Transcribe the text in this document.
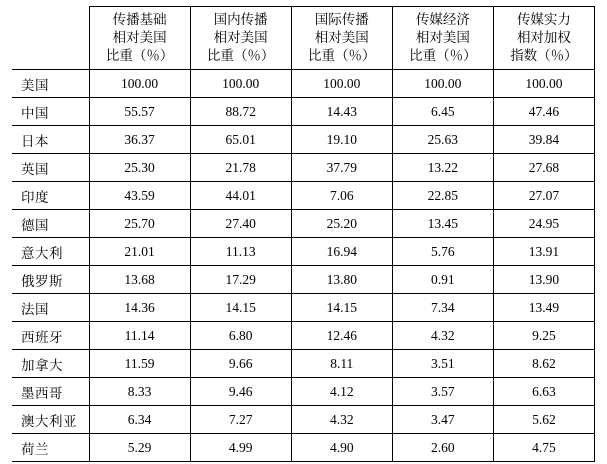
	传播基础
相对美国
比重（％）	国内传播
相对美国
比重（％）	国际传播
相对美国
比重（％）	传媒经济
相对美国
比重（％）	传媒实力
相对加权
指数（％）

美国	100.00	100.00	100.00	100.00	100.00
中国	55.57	88.72	14.43	6.45	47.46
日本	36.37	65.01	19.10	25.63	39.84
英国	25.30	21.78	37.79	13.22	27.68
印度	43.59	44.01	7.06	22.85	27.07
德国	25.70	27.40	25.20	13.45	24.95
意大利	21.01	11.13	16.94	5.76	13.91
俄罗斯	13.68	17.29	13.80	0.91	13.90
法国	14.36	14.15	14.15	7.34	13.49
西班牙	11.14	6.80	12.46	4.32	9.25
加拿大	11.59	9.66	8.11	3.51	8.62
墨西哥	8.33	9.46	4.12	3.57	6.63
澳大利亚	6.34	7.27	4.32	3.47	5.62
荷兰	5.29	4.99	4.90	2.60	4.75
